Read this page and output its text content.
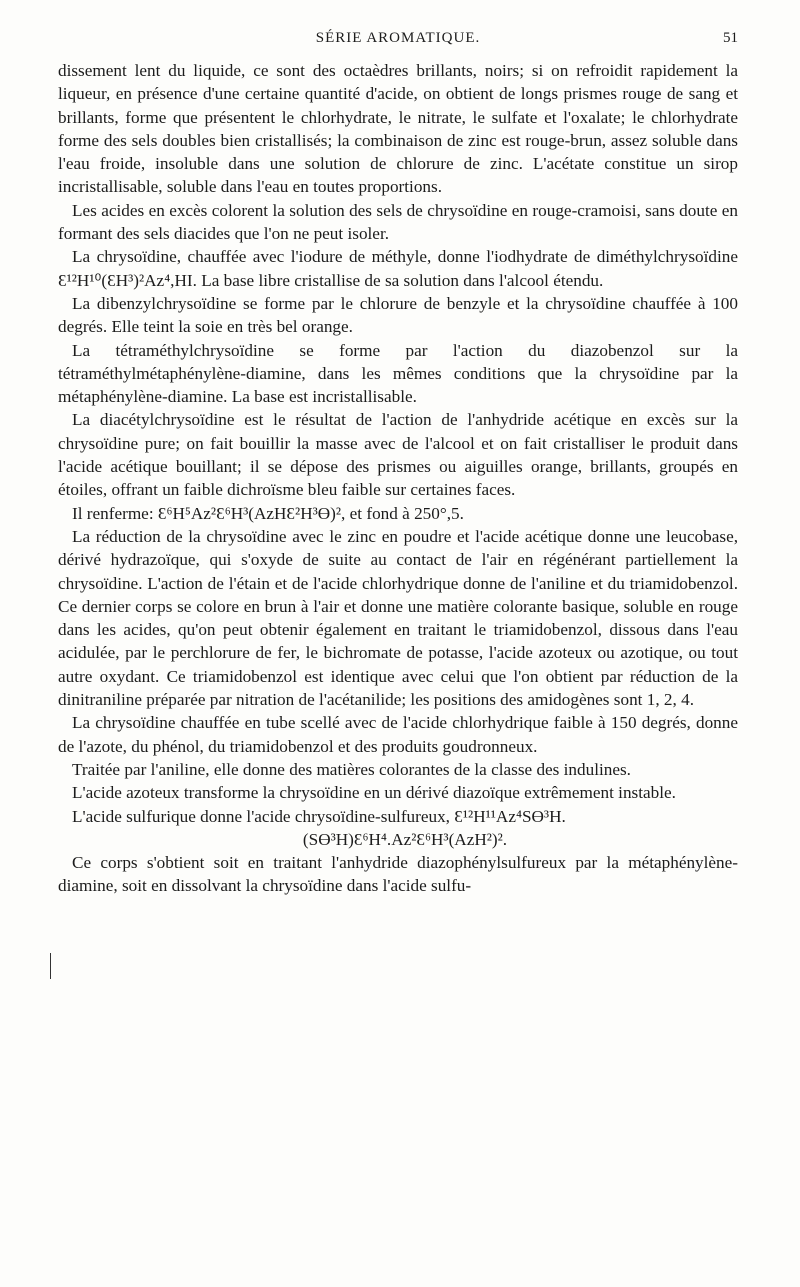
SÉRIE AROMATIQUE.	51

dissement lent du liquide, ce sont des octaèdres brillants, noirs; si on refroidit rapidement la liqueur, en présence d'une certaine quantité d'acide, on obtient de longs prismes rouge de sang et brillants, forme que présentent le chlorhydrate, le nitrate, le sulfate et l'oxalate; le chlorhydrate forme des sels doubles bien cristallisés; la combinaison de zinc est rouge-brun, assez soluble dans l'eau froide, insoluble dans une solution de chlorure de zinc. L'acétate constitue un sirop incristallisable, soluble dans l'eau en toutes proportions.

Les acides en excès colorent la solution des sels de chrysoïdine en rouge-cramoisi, sans doute en formant des sels diacides que l'on ne peut isoler.

La chrysoïdine, chauffée avec l'iodure de méthyle, donne l'iodhydrate de diméthylchrysoïdine Ɛ¹²H¹⁰(ƐH³)²Az⁴,HI. La base libre cristallise de sa solution dans l'alcool étendu.

La dibenzylchrysoïdine se forme par le chlorure de benzyle et la chrysoïdine chauffée à 100 degrés. Elle teint la soie en très bel orange.

La tétraméthylchrysoïdine se forme par l'action du diazobenzol sur la tétraméthylmétaphénylène-diamine, dans les mêmes conditions que la chrysoïdine par la métaphénylène-diamine. La base est incristallisable.

La diacétylchrysoïdine est le résultat de l'action de l'anhydride acétique en excès sur la chrysoïdine pure; on fait bouillir la masse avec de l'alcool et on fait cristalliser le produit dans l'acide acétique bouillant; il se dépose des prismes ou aiguilles orange, brillants, groupés en étoiles, offrant un faible dichroïsme bleu faible sur certaines faces.

Il renferme: Ɛ⁶H⁵Az²Ɛ⁶H³(AzHƐ²H³Ɵ)², et fond à 250°,5.

La réduction de la chrysoïdine avec le zinc en poudre et l'acide acétique donne une leucobase, dérivé hydrazoïque, qui s'oxyde de suite au contact de l'air en régénérant partiellement la chrysoïdine. L'action de l'étain et de l'acide chlorhydrique donne de l'aniline et du triamidobenzol. Ce dernier corps se colore en brun à l'air et donne une matière colorante basique, soluble en rouge dans les acides, qu'on peut obtenir également en traitant le triamidobenzol, dissous dans l'eau acidulée, par le perchlorure de fer, le bichromate de potasse, l'acide azoteux ou azotique, ou tout autre oxydant. Ce triamidobenzol est identique avec celui que l'on obtient par réduction de la dinitraniline préparée par nitration de l'acétanilide; les positions des amidogènes sont 1, 2, 4.

La chrysoïdine chauffée en tube scellé avec de l'acide chlorhydrique faible à 150 degrés, donne de l'azote, du phénol, du triamidobenzol et des produits goudronneux.

Traitée par l'aniline, elle donne des matières colorantes de la classe des indulines.

L'acide azoteux transforme la chrysoïdine en un dérivé diazoïque extrêmement instable.

L'acide sulfurique donne l'acide chrysoïdine-sulfureux, Ɛ¹²H¹¹Az⁴SƟ³H.

(SƟ³H)Ɛ⁶H⁴.Az²Ɛ⁶H³(AzH²)².

Ce corps s'obtient soit en traitant l'anhydride diazophénylsulfureux par la métaphénylène-diamine, soit en dissolvant la chrysoïdine dans l'acide sulfu-
